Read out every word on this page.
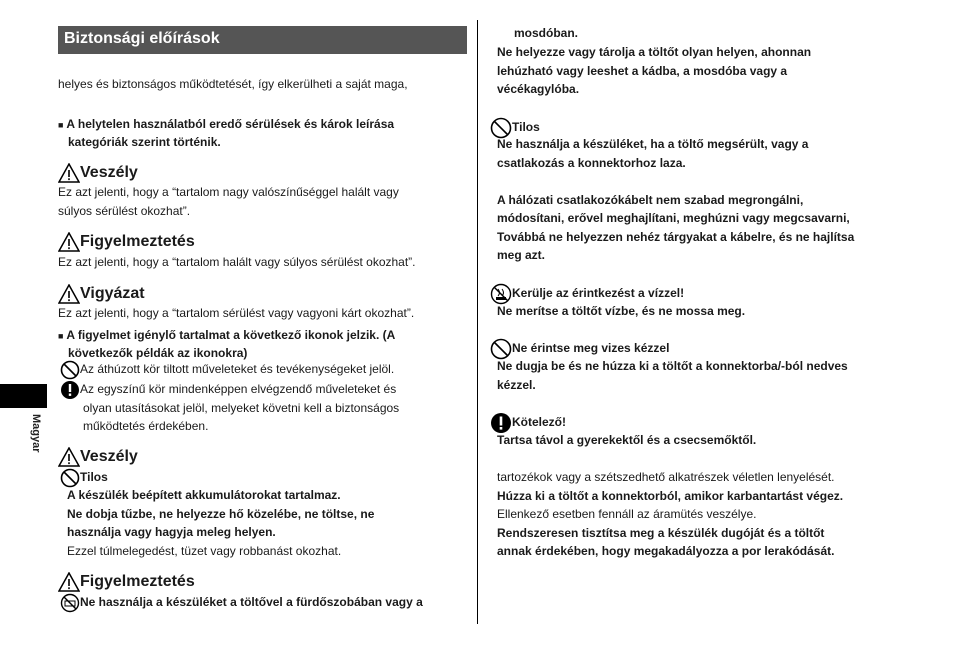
Biztonsági előírások
Magyar
helyes és biztonságos működtetését, így elkerülheti a saját maga,
■ A helytelen használatból eredő sérülések és károk leírása
kategóriák szerint történik.
Veszély
Ez azt jelenti, hogy a “tartalom nagy valószínűséggel halált vagy
súlyos sérülést okozhat”.
Figyelmeztetés
Ez azt jelenti, hogy a “tartalom halált vagy súlyos sérülést okozhat”.
Vigyázat
Ez azt jelenti, hogy a “tartalom sérülést vagy vagyoni kárt okozhat”.
■ A figyelmet igénylő tartalmat a következő ikonok jelzik. (A
következők példák az ikonokra)
Az áthúzott kör tiltott műveleteket és tevékenységeket jelöl.
Az egyszínű kör mindenképpen elvégzendő műveleteket és
olyan utasításokat jelöl, melyeket követni kell a biztonságos
működtetés érdekében.
Veszély
Tilos
A készülék beépített akkumulátorokat tartalmaz.
Ne dobja tűzbe, ne helyezze hő közelébe, ne töltse, ne
használja vagy hagyja meleg helyen.
Ezzel túlmelegedést, tüzet vagy robbanást okozhat.
Figyelmeztetés
Ne használja a készüléket a töltővel a fürdőszobában vagy a
mosdóban.
Ne helyezze vagy tárolja a töltőt olyan helyen, ahonnan
lehúzható vagy leeshet a kádba, a mosdóba vagy a
vécékagylóba.
Tilos
Ne használja a készüléket, ha a töltő megsérült, vagy a
csatlakozás a konnektorhoz laza.
A hálózati csatlakozókábelt nem szabad megrongálni,
módosítani, erővel meghajlítani, meghúzni vagy megcsavarni,
Továbbá ne helyezzen nehéz tárgyakat a kábelre, és ne hajlítsa
meg azt.
Kerülje az érintkezést a vízzel!
Ne merítse a töltőt vízbe, és ne mossa meg.
Ne érintse meg vizes kézzel
Ne dugja be és ne húzza ki a töltőt a konnektorba/-ból nedves
kézzel.
Kötelező!
Tartsa távol a gyerekektől és a csecsemőktől.
tartozékok vagy a szétszedhető alkatrészek véletlen lenyelését.
Húzza ki a töltőt a konnektorból, amikor karbantartást végez.
Ellenkező esetben fennáll az áramütés veszélye.
Rendszeresen tisztítsa meg a készülék dugóját és a töltőt
annak érdekében, hogy megakadályozza a por lerakódását.
